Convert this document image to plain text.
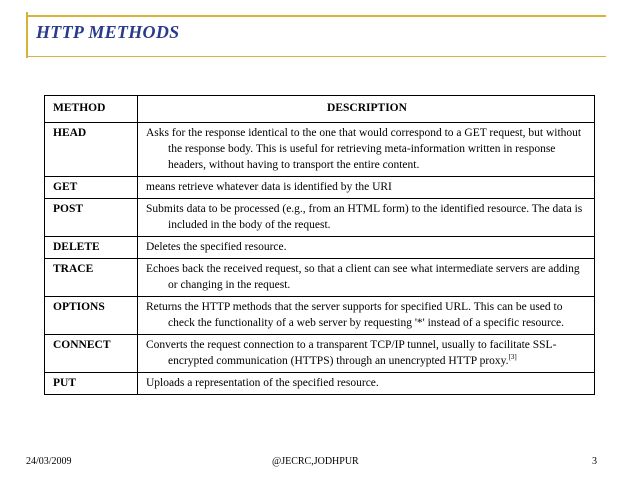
HTTP METHODS
METHOD	DESCRIPTION
HEAD	Asks for the response identical to the one that would correspond to a GET request, but without the response body. This is useful for retrieving meta-information written in response headers, without having to transport the entire content.

GET	means retrieve whatever data is identified by the URI

POST	Submits data to be processed (e.g., from an HTML form) to the identified resource. The data is included in the body of the request.

DELETE	Deletes the specified resource.

TRACE	Echoes back the received request, so that a client can see what intermediate servers are adding or changing in the request.

OPTIONS	Returns the HTTP methods that the server supports for specified URL. This can be used to check the functionality of a web server by requesting '*' instead of a specific resource.

CONNECT	Converts the request connection to a transparent TCP/IP tunnel, usually to facilitate SSL-encrypted communication (HTTPS) through an unencrypted HTTP proxy.[3]

PUT	Uploads a representation of the specified resource.
24/03/2009	@JECRC,JODHPUR	3
